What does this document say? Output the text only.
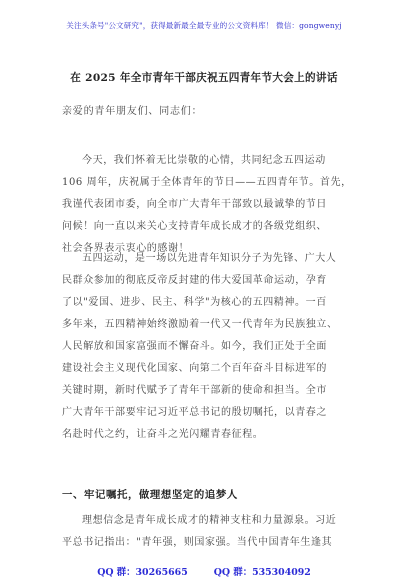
关注头条号"公文研究"，获得最新最全最专业的公文资料库！ 微信：gongwenyj
在 2025 年全市青年干部庆祝五四青年节大会上的讲话
亲爱的青年朋友们、同志们：
今天，我们怀着无比崇敬的心情，共同纪念五四运动
106 周年，庆祝属于全体青年的节日——五四青年节。首先，
我谨代表团市委，向全市广大青年干部致以最诚挚的节日
问候！向一直以来关心支持青年成长成才的各级党组织、
社会各界表示衷心的感谢！
五四运动，是一场以先进青年知识分子为先锋、广大人
民群众参加的彻底反帝反封建的伟大爱国革命运动，孕育
了以"爱国、进步、民主、科学"为核心的五四精神。一百
多年来，五四精神始终激励着一代又一代青年为民族独立、
人民解放和国家富强而不懈奋斗。如今，我们正处于全面
建设社会主义现代化国家、向第二个百年奋斗目标进军的
关键时期，新时代赋予了青年干部新的使命和担当。全市
广大青年干部要牢记习近平总书记的殷切嘱托，以青春之
名赴时代之约，让奋斗之光闪耀青春征程。
一、牢记嘱托，做理想坚定的追梦人
理想信念是青年成长成才的精神支柱和力量源泉。习近
平总书记指出："青年强，则国家强。当代中国青年生逢其
QQ 群：30265665	QQ 群：535304092
